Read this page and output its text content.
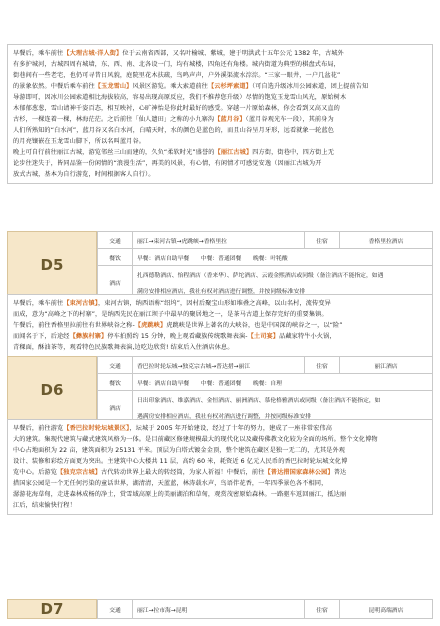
早餐后，乘车前往【大理古城·洋人街】位于云南省西部，又名叶榆城、紫城，建于明洪武十五年公元 1382 年，古城外
有多护城河，古城四周有城墙，东、西、南、北各设一门，均有城楼，四角还有角楼。城内街道为典型的棋盘式布局，
街巷间有一些老宅，也仍可寻昔日风貌，庭院里花木扶疏，鸟鸣声声，户外溪渠流水淙淙。“三家一眼井，一户几盆花”
的景象依然。中餐后乘车前往【玉龙雪山】风景区游览。乘大索道前往【云杉坪索道】（可自选升级冰川公园索道，团上提前告知
导游即可，因冰川公园索道相比海拔较高，容易出现高原反应，我们不推荐您升级）尽情的饱览玉龙雪山风光，原始树木
木郁郁葱葱，雪山请神千姿百态，相互映衬，心旷神怡是你此时最好的感受。穿越一片原始森林，你会看到又高又直的
古杉，一棵连着一棵，林海茫茫。之后前往「仙人遗田」之称的小九寨沟【蓝月谷】（蓝月谷观光车一段），其前身为
人们所熟知的“白水河”，蓝月谷又名白水河，白晴天时，水的颜色是蓝色的，而且山谷呈月牙形，远看就象一轮蓝色
的月亮镶嵌在玉龙雪山脚下，所以名叫蓝月谷。
晚上可自行前往丽江古城，游览邻丝三山而建的，久负“柔软时光”盛誉的【丽江古城】四方街，街巷中，四方街上无
论步往迷失于，皆同品鉴一份闲情的“浪漫生活”，再美的风景，有心情，有闲情才可感觉安逸（因丽江古城为开
放式古城，基本为自行游览，时间根据客人自行）。
D5
交通	丽江→束河古镇→虎跳峡→香格里拉	住宿	香格里拉酒店
餐饮	早餐：酒店自助早餐　　中餐：普通团餐　　晚餐：叶牦酸		
酒店	扎西德勒酒店、怡程酒店（香来华）、萨坨酒店、云霞金熙酒店或同级（备注酒店不能指定，如遇		
	满房安排相应酒店，我社有权对酒店进行调整，并按同级标准安排		
早餐后，乘车前往【束河古镇】，束河古镇，纳西语称“绍坞”，因村后聚宝山形如堆叠之高峰，以山名村，流传变异
而成，意为“高峰之下的村寨”，是纳西先民在丽江坝子中最早的聚居地之一，是茶马古道上保存完好的重要集镇。
午餐后，前往香格里拉前往有世界峡谷之称-【虎跳峡】虎跳峡是世界上著名的大峡谷，也是中国深的峡谷之一，以“险”
而闻名于下，后途经【彝族村寨】停车拍照约 15 分钟，晚上观看藏族传统歌舞表演-【土司宴】品藏家特牛小火锅，
青稞面，酥油茶等，观看特色民族歌舞表演,边吃边欣赏! 结束后入住酒店休息。
D6
交通	香巴拉时轮坛城→独克宗古城→普达措→丽江	住宿	丽江酒店
餐饮	早餐：酒店自助早餐　　中餐：普通团餐　　晚餐：自理		
酒店	日出印象酒店、维嘉酒店、金恒酒店、丽洲酒店、慕伦格雅酒店或同级（备注酒店不能指定，如		
	遇满房安排相应酒店，我社有权对酒店进行调整，并按同级标准安排		
早餐后，前往游览【香巴拉时轮坛城景区】，坛城于 2005 年开始建设，经过了十年的努力，建成了一座非常宏伟高
大的建筑。集现代建筑与藏式建筑风格为一体。是目前藏区修建规模最大的现代化以及藏传佛教文化较为全面的场所。整个文化博物
中心占地面积为 22 亩，建筑面积为 25131 平米。顶层为白塔式镀金金顶，整个建筑在藏区是独一无二的，尤其是外观
设计、装修和彩绘方面更为突出。主建筑中心大楼共 11 层，高约 60 米，耗资近 6 亿元人民币的香巴拉时轮坛城文化博
览中心。后游览【独克宗古城】古代转动世界上最大的转经筒，为家人祈福！中餐后，前往【普达措国家森林公园】普达
措国家公园是一个无任何污染的童话世界，湖清清，天蓝蓝，林涛载水声，鸟语伴花香，一年四季景色各不相同，
潺游花海草甸，走进森林成杨的净土，赏雪域高原上的美丽湖泊和草甸，观赏茂密原始森林。一路驱车返回丽江，抵达丽
江后，结束愉快行程！
D7	交通	丽江→拉市海→昆明	住宿	昆明高端酒店
